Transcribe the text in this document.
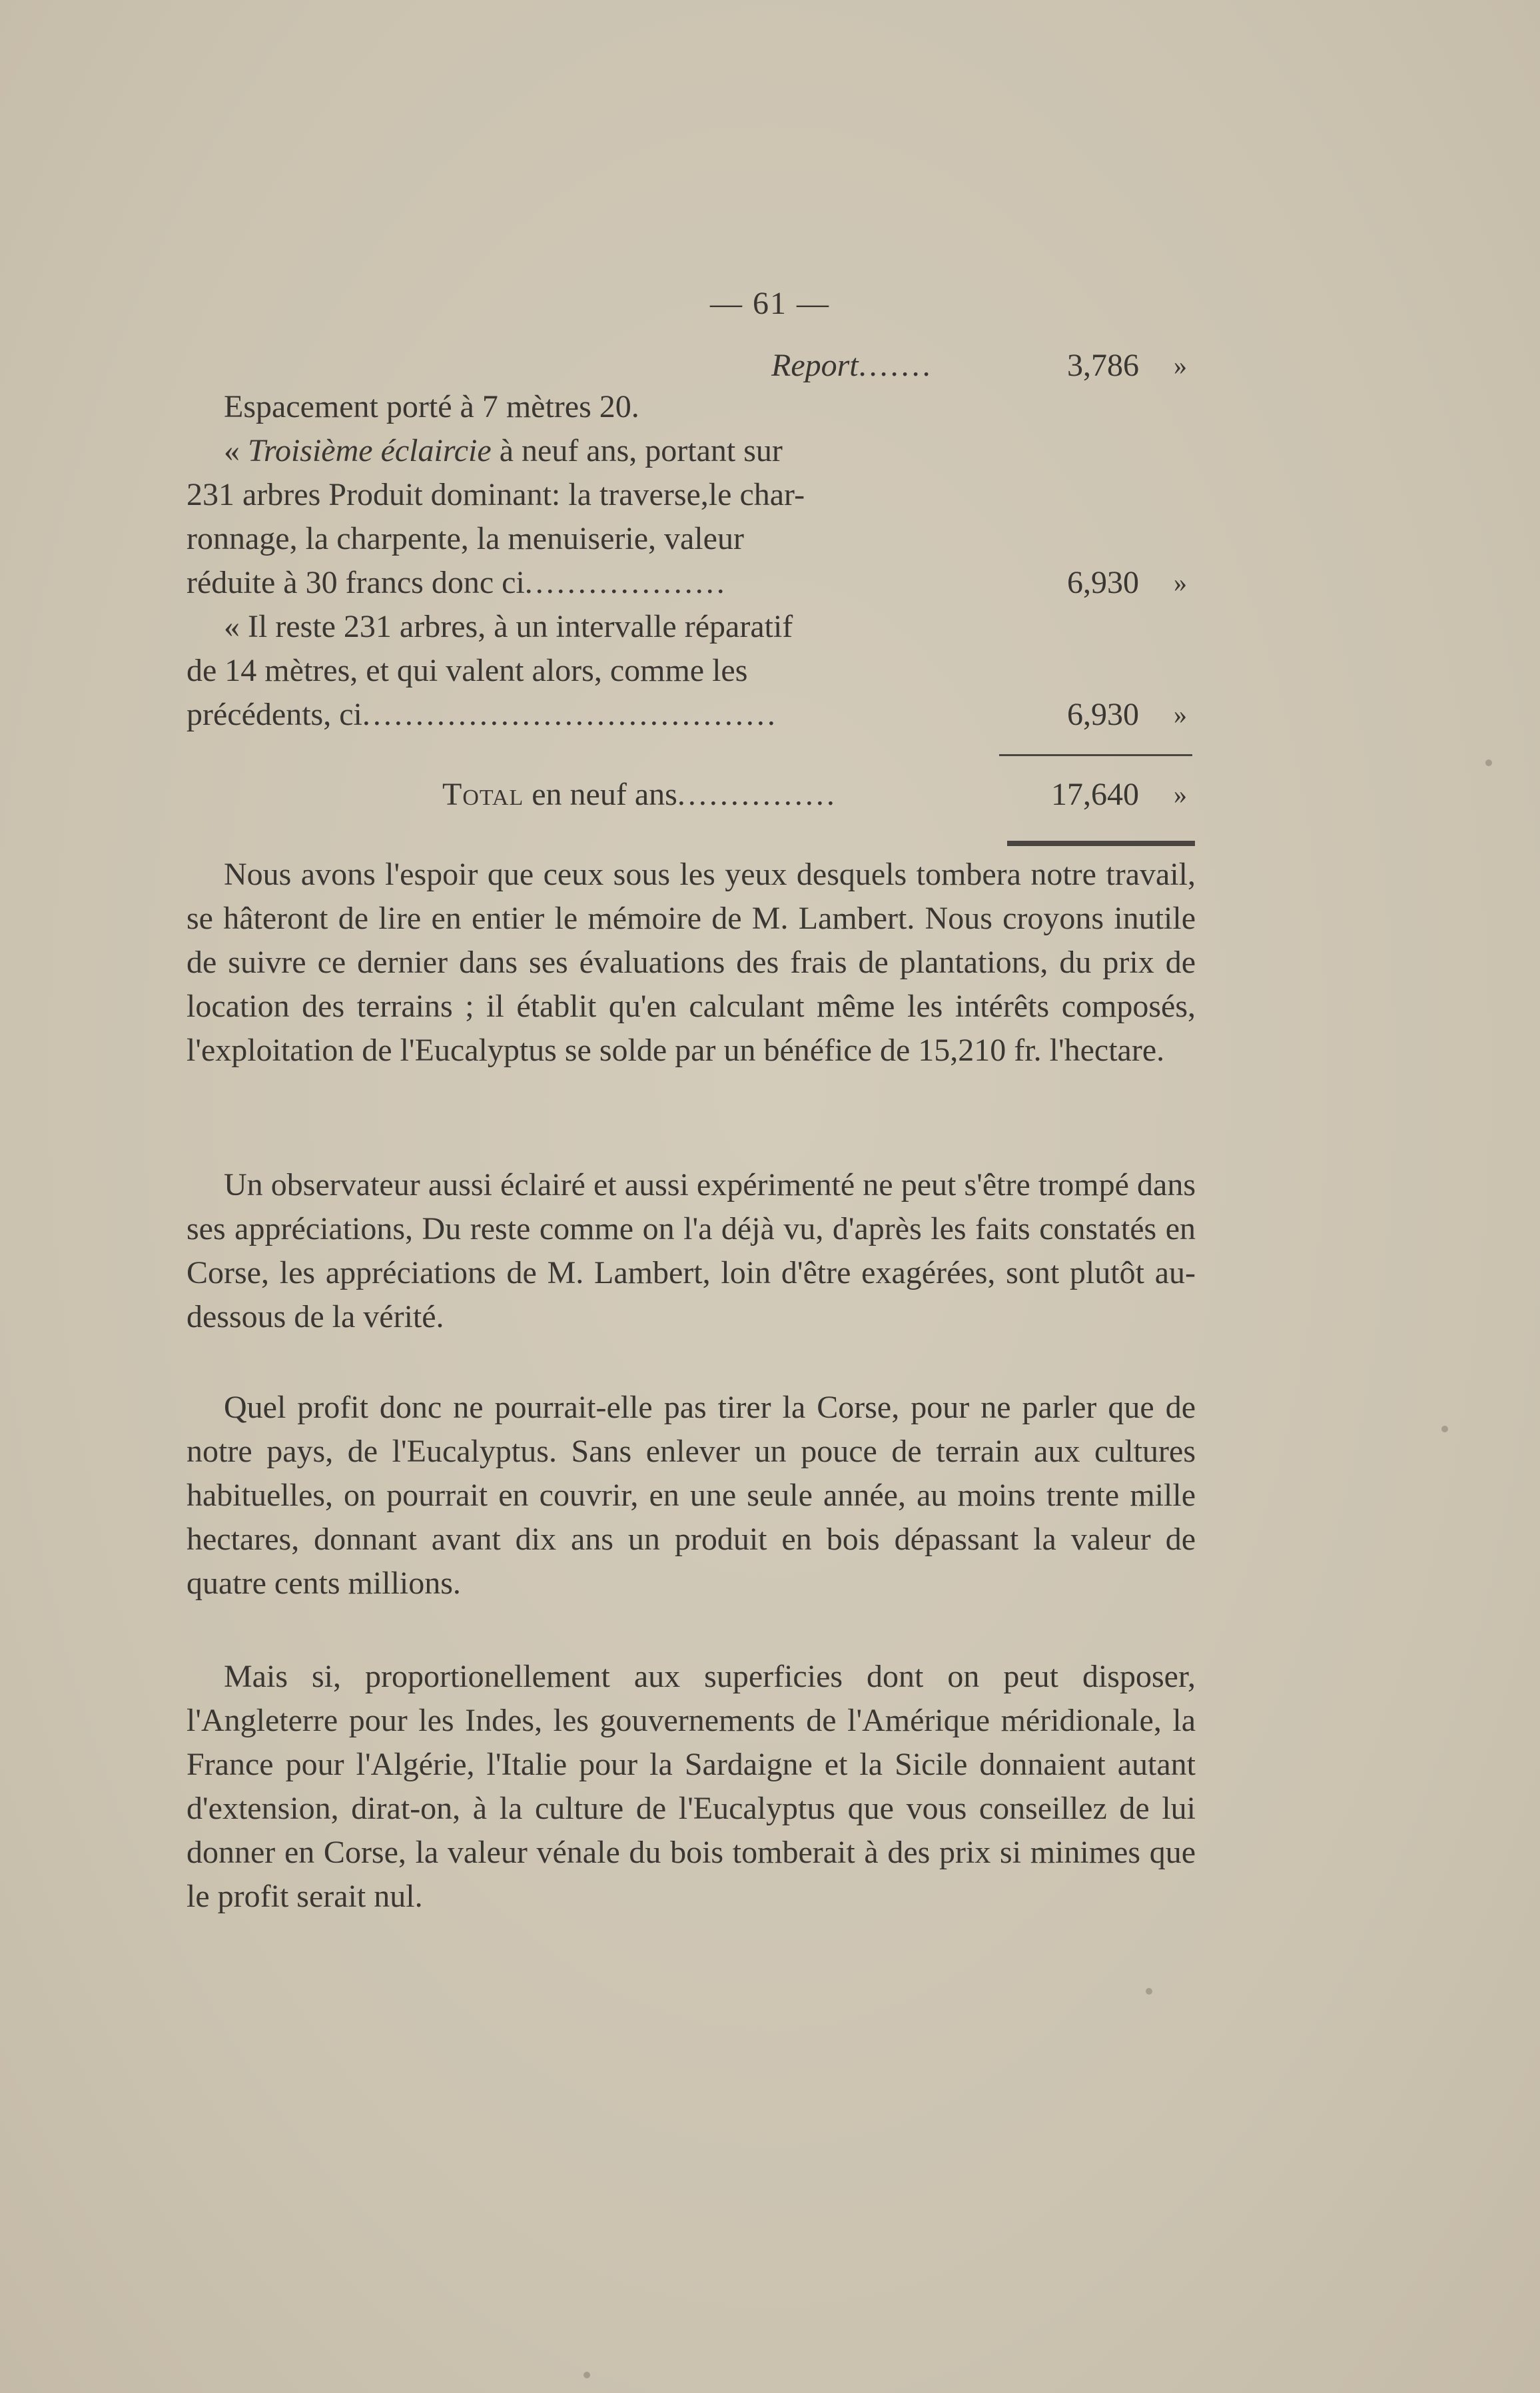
— 61 —
Report.......	3,786 »
Espacement porté à 7 mètres 20.
« Troisième éclaircie à neuf ans, portant sur
231 arbres Produit dominant: la traverse,le char-
ronnage, la charpente, la menuiserie, valeur
réduite à 30 francs donc ci...................	6,930 »
« Il reste 231 arbres, à un intervalle réparatif
de 14 mètres, et qui valent alors, comme les
précédents, ci.......................................	6,930 »
Total en neuf ans...............	17,640 »

Nous avons l'espoir que ceux sous les yeux desquels tombera notre travail, se hâteront de lire en entier le mémoire de M. Lambert. Nous croyons inutile de suivre ce dernier dans ses évaluations des frais de plantations, du prix de location des terrains ; il établit qu'en calculant même les intérêts composés, l'exploitation de l'Eucalyptus se solde par un bénéfice de 15,210 fr. l'hectare.

Un observateur aussi éclairé et aussi expérimenté ne peut s'être trompé dans ses appréciations, Du reste comme on l'a déjà vu, d'après les faits constatés en Corse, les appréciations de M. Lambert, loin d'être exagérées, sont plutôt au-dessous de la vérité.

Quel profit donc ne pourrait-elle pas tirer la Corse, pour ne parler que de notre pays, de l'Eucalyptus. Sans enlever un pouce de terrain aux cultures habituelles, on pourrait en couvrir, en une seule année, au moins trente mille hectares, donnant avant dix ans un produit en bois dépassant la valeur de quatre cents millions.

Mais si, proportionellement aux superficies dont on peut disposer, l'Angleterre pour les Indes, les gouvernements de l'Amérique méridionale, la France pour l'Algérie, l'Italie pour la Sardaigne et la Sicile donnaient autant d'extension, dirat-on, à la culture de l'Eucalyptus que vous conseillez de lui donner en Corse, la valeur vénale du bois tomberait à des prix si minimes que le profit serait nul.
